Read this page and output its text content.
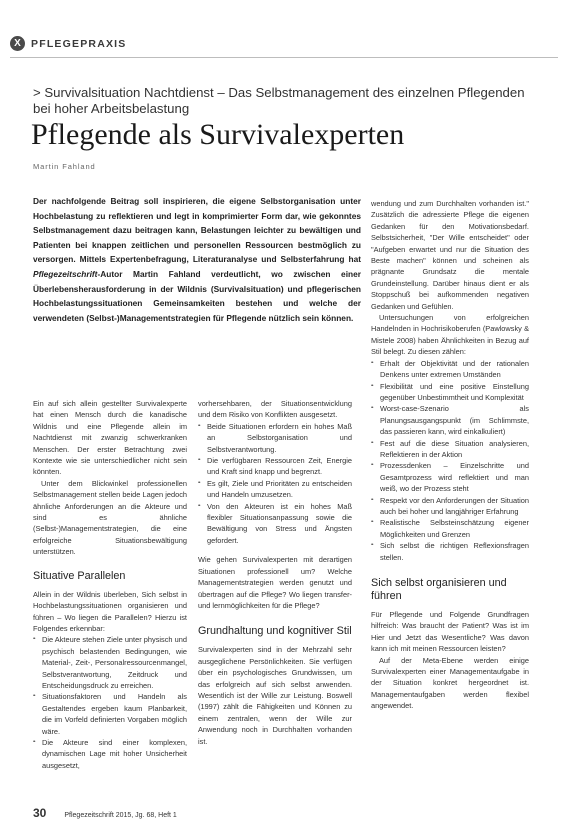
X PFLEGEPRAXIS
> Survivalsituation Nachtdienst – Das Selbstmanagement des einzelnen Pflegenden bei hoher Arbeitsbelastung
Pflegende als Survivalexperten
Martin Fahland
Der nachfolgende Beitrag soll inspirieren, die eigene Selbstorganisation unter Hochbelastung zu reflektieren und legt in komprimierter Form dar, wie gekonntes Selbstmanagement dazu beitragen kann, Belastungen leichter zu bewältigen und Patienten bei knappen zeitlichen und personellen Ressourcen bestmöglich zu versorgen. Mittels Expertenbefragung, Literaturanalyse und Selbsterfahrung hat Pflegezeitschrift-Autor Martin Fahland verdeutlicht, wo zwischen einer Überlebensherausforderung in der Wildnis (Survivalsituation) und pflegerischen Hochbelastungssituationen Gemeinsamkeiten bestehen und welche der verwendeten (Selbst-)Managementstrategien für Pflegende nützlich sein können.

Ein auf sich allein gestellter Survivalexperte hat einen Mensch durch die kanadische Wildnis und eine Pflegende allein im Nachtdienst mit zwanzig schwerkranken Menschen. Der erster Betrachtung zwei Kontexte wie sie unterschiedlicher nicht sein könnten.

Unter dem Blickwinkel professionellen Selbstmanagement stellen beide Lagen jedoch ähnliche Anforderungen an die Akteure und sind es ähnliche (Selbst-)Managementstrategien, die eine erfolgreiche Situationsbewältigung unterstützen.

Situative Parallelen

Allein in der Wildnis überleben, Sich selbst in Hochbelastungssituationen organisieren und führen – Wo liegen die Parallelen? Hierzu ist Folgendes erkennbar:

•• Die Akteure stehen Ziele unter physisch und psychisch belastenden Bedingungen, wie Material-, Zeit-, Personalressourcenmangel, Selbstverantwortung, Zeitdruck und Entscheidungsdruck zu erreichen.
•• Situationsfaktoren und Handeln als Gestaltendes ergeben kaum Planbarkeit, die im Vorfeld definierten Vorgaben möglich wäre.
•• Die Akteure sind einer komplexen, dynamischen Lage mit hoher Unsicherheit ausgesetzt,

vorhersehbaren, der Situationsentwicklung und dem Risiko von Konflikten ausgesetzt.

•• Beide Situationen erfordern ein hohes Maß an Selbstorganisation und Selbstverantwortung.
•• Die verfügbaren Ressourcen Zeit, Energie und Kraft sind knapp und begrenzt.
•• Es gilt, Ziele und Prioritäten zu entscheiden und Handeln umzusetzen.
•• Von den Akteuren ist ein hohes Maß flexibler Situationsanpassung sowie die Bewältigung von Stress und Ängsten gefordert.

Wie gehen Survivalexperten mit derartigen Situationen professionell um? Welche Managementstrategien werden genutzt und übertragen auf die Pflege? Wo liegen transfer- und lernmöglichkeiten für die Pflege?

Grundhaltung und kognitiver Stil

Survivalexperten sind in der Mehrzahl sehr ausgeglichene Persönlichkeiten. Sie verfügen über ein psychologisches Grundwissen, um das erfolgreich auf sich selbst anwenden. Wesentlich ist der Wille zur Leistung. Boswell (1997) zählt die Fähigkeiten und Können zu einem zentralen, wenn der Wille zur Anwendung noch in Durchhalten vorhanden ist.

wendung und zum Durchhalten vorhanden ist." Zusätzlich die adressierte Pflege die eigenen Gedanken für den Motivationsbedarf. Selbstsicherheit, "Der Wille entscheidet" oder "Aufgeben erwartet und nur die Situation des Beste machen" können und scheinen als prägnante Grundsatz die mentale Grundeinstellung. Darüber hinaus dient er als Stoppschuß bei aufkommenden negativen Gedanken und Gefühlen.

Untersuchungen von erfolgreichen Handelnden in Hochrisikoberufen (Pawlowsky & Mistele 2008) haben Ähnlichkeiten in Bezug auf Stil belegt. Zu diesen zählen:

•• Erhalt der Objektivität und der rationalen Denkens unter extremen Umständen
•• Flexibilität und eine positive Einstellung gegenüber Unbestimmtheit und Komplexität
•• Worst-case-Szenario als Planungsausgangspunkt (im Schlimmste, das passieren kann, wird einkalkuliert)
•• Fest auf die diese Situation analysieren, Reflektieren in der Aktion
•• Prozessdenken – Einzelschritte und Gesamtprozess wird reflektiert und man weiß, wo der Prozess steht
•• Respekt vor den Anforderungen der Situation auch bei hoher und langjähriger Erfahrung
•• Realistische Selbsteinschätzung eigener Möglichkeiten und Grenzen
•• Sich selbst die richtigen Reflexionsfragen stellen.
Sich selbst organisieren und führen

Für Pflegende und Folgende Grundfragen hilfreich: Was braucht der Patient? Was ist im Hier und Jetzt das Wesentliche? Was davon kann ich mit meinen Ressourcen leisten?

Auf der Meta-Ebene werden einige Survivalexperten einer Managementaufgabe in der Situation konkret hergeordnet ist. Managementaufgaben werden flexibel angewendet.

30	Pflegezeitschrift 2015, Jg. 68, Heft 1
